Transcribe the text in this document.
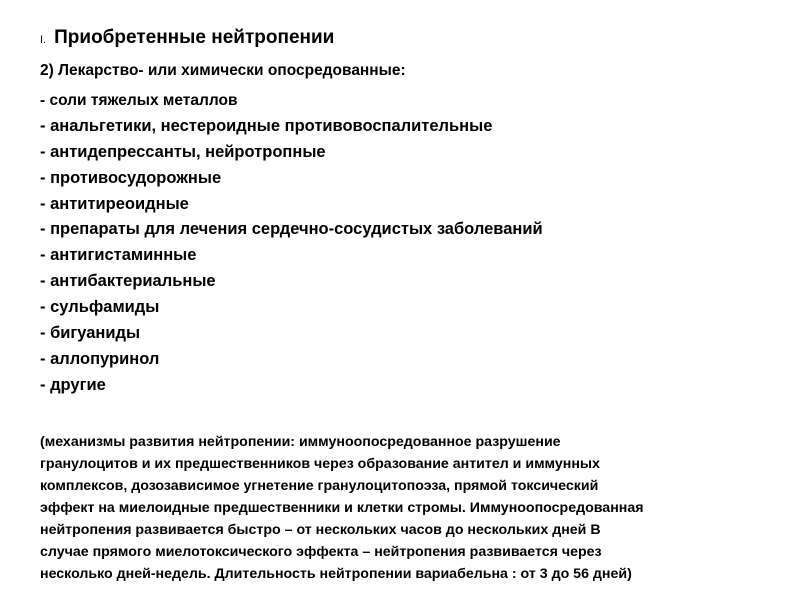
I. Приобретенные нейтропении
2) Лекарство- или химически опосредованные:
- соли тяжелых металлов
- анальгетики, нестероидные противовоспалительные
- антидепрессанты, нейротропные
- противосудорожные
- антитиреоидные
- препараты для лечения сердечно-сосудистых заболеваний
- антигистаминные
- антибактериальные
- сульфамиды
- бигуаниды
- аллопуринол
- другие

(механизмы развития нейтропении: иммуноопосредованное разрушение
гранулоцитов и их предшественников через образование антител и иммунных
комплексов, дозозависимое угнетение гранулоцитопоэза, прямой токсический
эффект на миелоидные предшественники и клетки стромы. Иммуноопосредованная
нейтропения развивается быстро – от нескольких часов до нескольких дней В
случае прямого миелотоксического эффекта – нейтропения развивается через
несколько дней-недель. Длительность нейтропении вариабельна : от 3 до 56 дней)
